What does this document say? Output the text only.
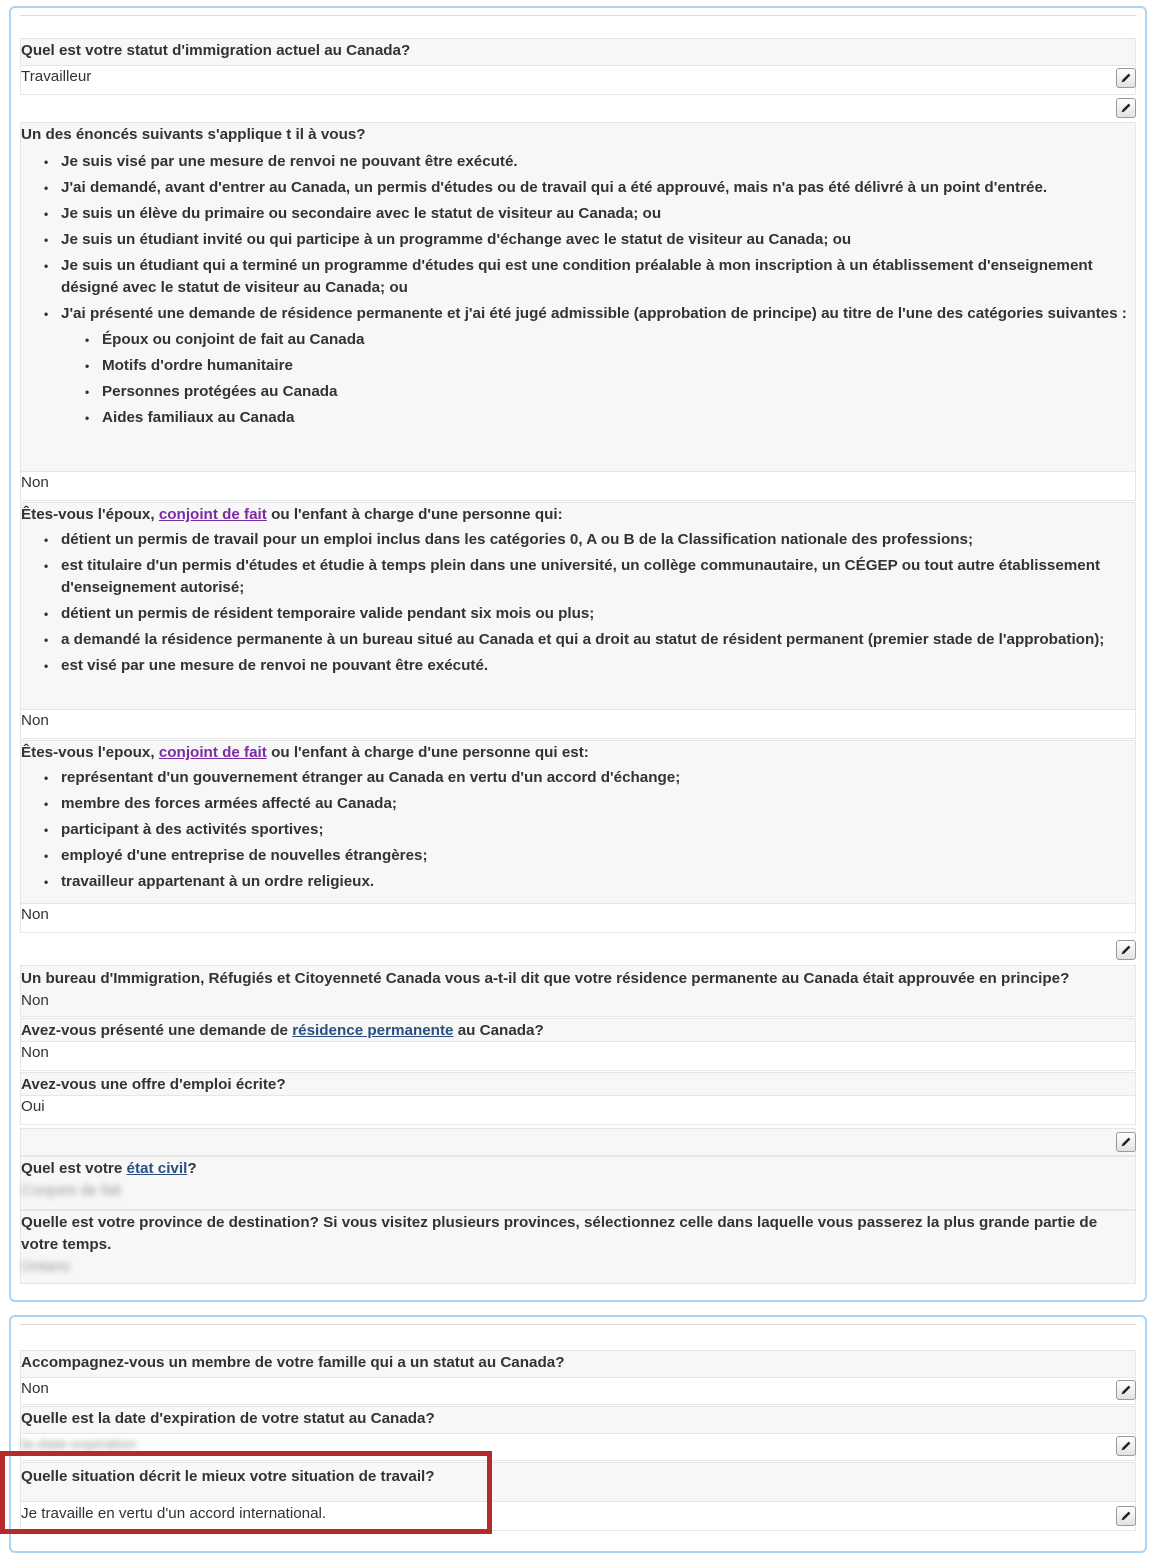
Quel est votre statut d'immigration actuel au Canada?

Travailleur

Un des énoncés suivants s'applique t il à vous?

• Je suis visé par une mesure de renvoi ne pouvant être exécuté.
• J'ai demandé, avant d'entrer au Canada, un permis d'études ou de travail qui a été approuvé, mais n'a pas été délivré à un point d'entrée.
• Je suis un élève du primaire ou secondaire avec le statut de visiteur au Canada; ou
• Je suis un étudiant invité ou qui participe à un programme d'échange avec le statut de visiteur au Canada; ou
• Je suis un étudiant qui a terminé un programme d'études qui est une condition préalable à mon inscription à un établissement d'enseignement désigné avec le statut de visiteur au Canada; ou
• J'ai présenté une demande de résidence permanente et j'ai été jugé admissible (approbation de principe) au titre de l'une des catégories suivantes :
• Époux ou conjoint de fait au Canada
• Motifs d'ordre humanitaire
• Personnes protégées au Canada
• Aides familiaux au Canada

Non

Êtes-vous l'époux, conjoint de fait ou l'enfant à charge d'une personne qui:

• détient un permis de travail pour un emploi inclus dans les catégories 0, A ou B de la Classification nationale des professions;
• est titulaire d'un permis d'études et étudie à temps plein dans une université, un collège communautaire, un CÉGEP ou tout autre établissement d'enseignement autorisé;
• détient un permis de résident temporaire valide pendant six mois ou plus;
• a demandé la résidence permanente à un bureau situé au Canada et qui a droit au statut de résident permanent (premier stade de l'approbation);
• est visé par une mesure de renvoi ne pouvant être exécuté.

Non

Êtes-vous l'epoux, conjoint de fait ou l'enfant à charge d'une personne qui est:

• représentant d'un gouvernement étranger au Canada en vertu d'un accord d'échange;
• membre des forces armées affecté au Canada;
• participant à des activités sportives;
• employé d'une entreprise de nouvelles étrangères;
• travailleur appartenant à un ordre religieux.

Non

Un bureau d'Immigration, Réfugiés et Citoyenneté Canada vous a-t-il dit que votre résidence permanente au Canada était approuvée en principe?

Non

Avez-vous présenté une demande de résidence permanente au Canada?

Non

Avez-vous une offre d'emploi écrite?

Oui

Quel est votre état civil?

Conjoint de fait

Quelle est votre province de destination? Si vous visitez plusieurs provinces, sélectionnez celle dans laquelle vous passerez la plus grande partie de votre temps.

Ontario

Accompagnez-vous un membre de votre famille qui a un statut au Canada?

Non

Quelle est la date d'expiration de votre statut au Canada?

la-date-expiration

Quelle situation décrit le mieux votre situation de travail?

Je travaille en vertu d'un accord international.
